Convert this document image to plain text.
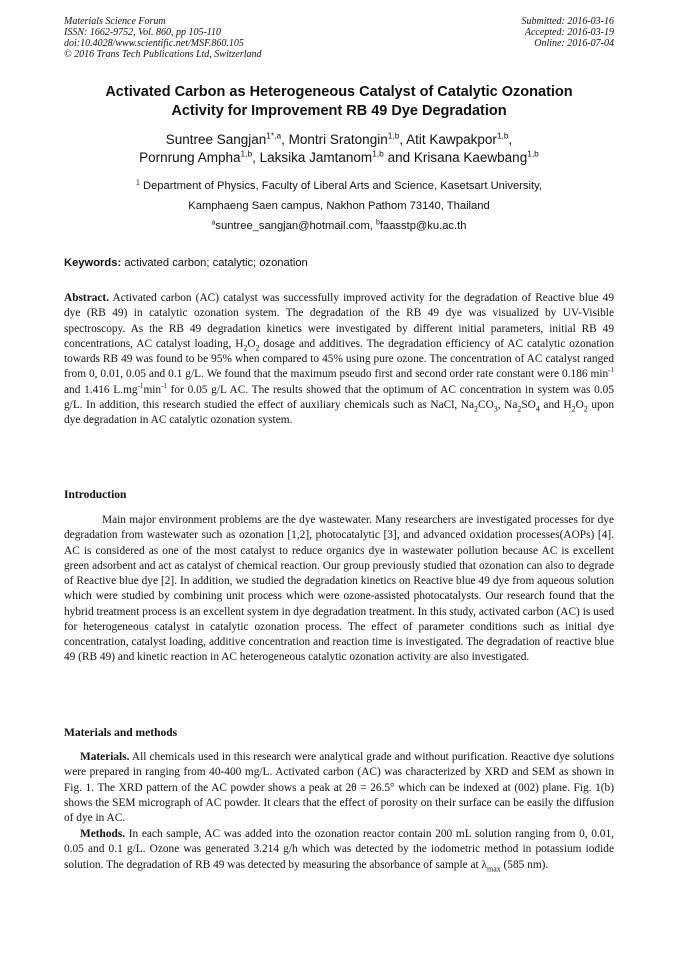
Materials Science Forum
ISSN: 1662-9752, Vol. 860, pp 105-110
doi:10.4028/www.scientific.net/MSF.860.105
© 2016 Trans Tech Publications Ltd, Switzerland
Submitted: 2016-03-16
Accepted: 2016-03-19
Online: 2016-07-04
Activated Carbon as Heterogeneous Catalyst of Catalytic Ozonation
Activity for Improvement RB 49 Dye Degradation
Suntree Sangjan$^{1*,a}$, Montri Sratongin$^{1,b}$, Atit Kawpakpor$^{1,b}$,
Pornrung Ampha$^{1,b}$, Laksika Jamtanom$^{1,b}$ and Krisana Kaewbang$^{1,b}$
$^1$ Department of Physics, Faculty of Liberal Arts and Science, Kasetsart University,
Kamphaeng Saen campus, Nakhon Pathom 73140, Thailand
$^a$suntree_sangjan@hotmail.com, $^b$faasstp@ku.ac.th
Keywords: activated carbon; catalytic; ozonation

Abstract. Activated carbon (AC) catalyst was successfully improved activity for the degradation of Reactive blue 49 dye (RB 49) in catalytic ozonation system. The degradation of the RB 49 dye was visualized by UV-Visible spectroscopy. As the RB 49 degradation kinetics were investigated by different initial parameters, initial RB 49 concentrations, AC catalyst loading, $H_2O_2$ dosage and additives. The degradation efficiency of AC catalytic ozonation towards RB 49 was found to be 95% when compared to 45% using pure ozone. The concentration of AC catalyst ranged from 0, 0.01, 0.05 and 0.1 g/L. We found that the maximum pseudo first and second order rate constant were 0.186 $\min^{-1}$ and 1.416 $L.mg^{-1}\min^{-1}$ for 0.05 g/L AC. The results showed that the optimum of AC concentration in system was 0.05 g/L. In addition, this research studied the effect of auxiliary chemicals such as NaCl, $Na_2CO_3$, $Na_2SO_4$ and $H_2O_2$ upon dye degradation in AC catalytic ozonation system.

Introduction

Main major environment problems are the dye wastewater. Many researchers are investigated processes for dye degradation from wastewater such as ozonation [1,2], photocatalytic [3], and advanced oxidation processes(AOPs) [4]. AC is considered as one of the most catalyst to reduce organics dye in wastewater pollution because AC is excellent green adsorbent and act as catalyst of chemical reaction. Our group previously studied that ozonation can also to degrade of Reactive blue dye [2]. In addition, we studied the degradation kinetics on Reactive blue 49 dye from aqueous solution which were studied by combining unit process which were ozone-assisted photocatalysts. Our research found that the hybrid treatment process is an excellent system in dye degradation treatment. In this study, activated carbon (AC) is used for heterogeneous catalyst in catalytic ozonation process. The effect of parameter conditions such as initial dye concentration, catalyst loading, additive concentration and reaction time is investigated. The degradation of reactive blue 49 (RB 49) and kinetic reaction in AC heterogeneous catalytic ozonation activity are also investigated.

Materials and methods

Materials. All chemicals used in this research were analytical grade and without purification. Reactive dye solutions were prepared in ranging from 40-400 mg/L. Activated carbon (AC) was characterized by XRD and SEM as shown in Fig. 1. The XRD pattern of the AC powder shows a peak at 2θ = 26.5° which can be indexed at (002) plane. Fig. 1(b) shows the SEM micrograph of AC powder. It clears that the effect of porosity on their surface can be easily the diffusion of dye in AC.

Methods. In each sample, AC was added into the ozonation reactor contain 200 mL solution ranging from 0, 0.01, 0.05 and 0.1 g/L. Ozone was generated 3.214 g/h which was detected by the iodometric method in potassium iodide solution. The degradation of RB 49 was detected by measuring the absorbance of sample at $\lambda_{max}$ (585 nm).
